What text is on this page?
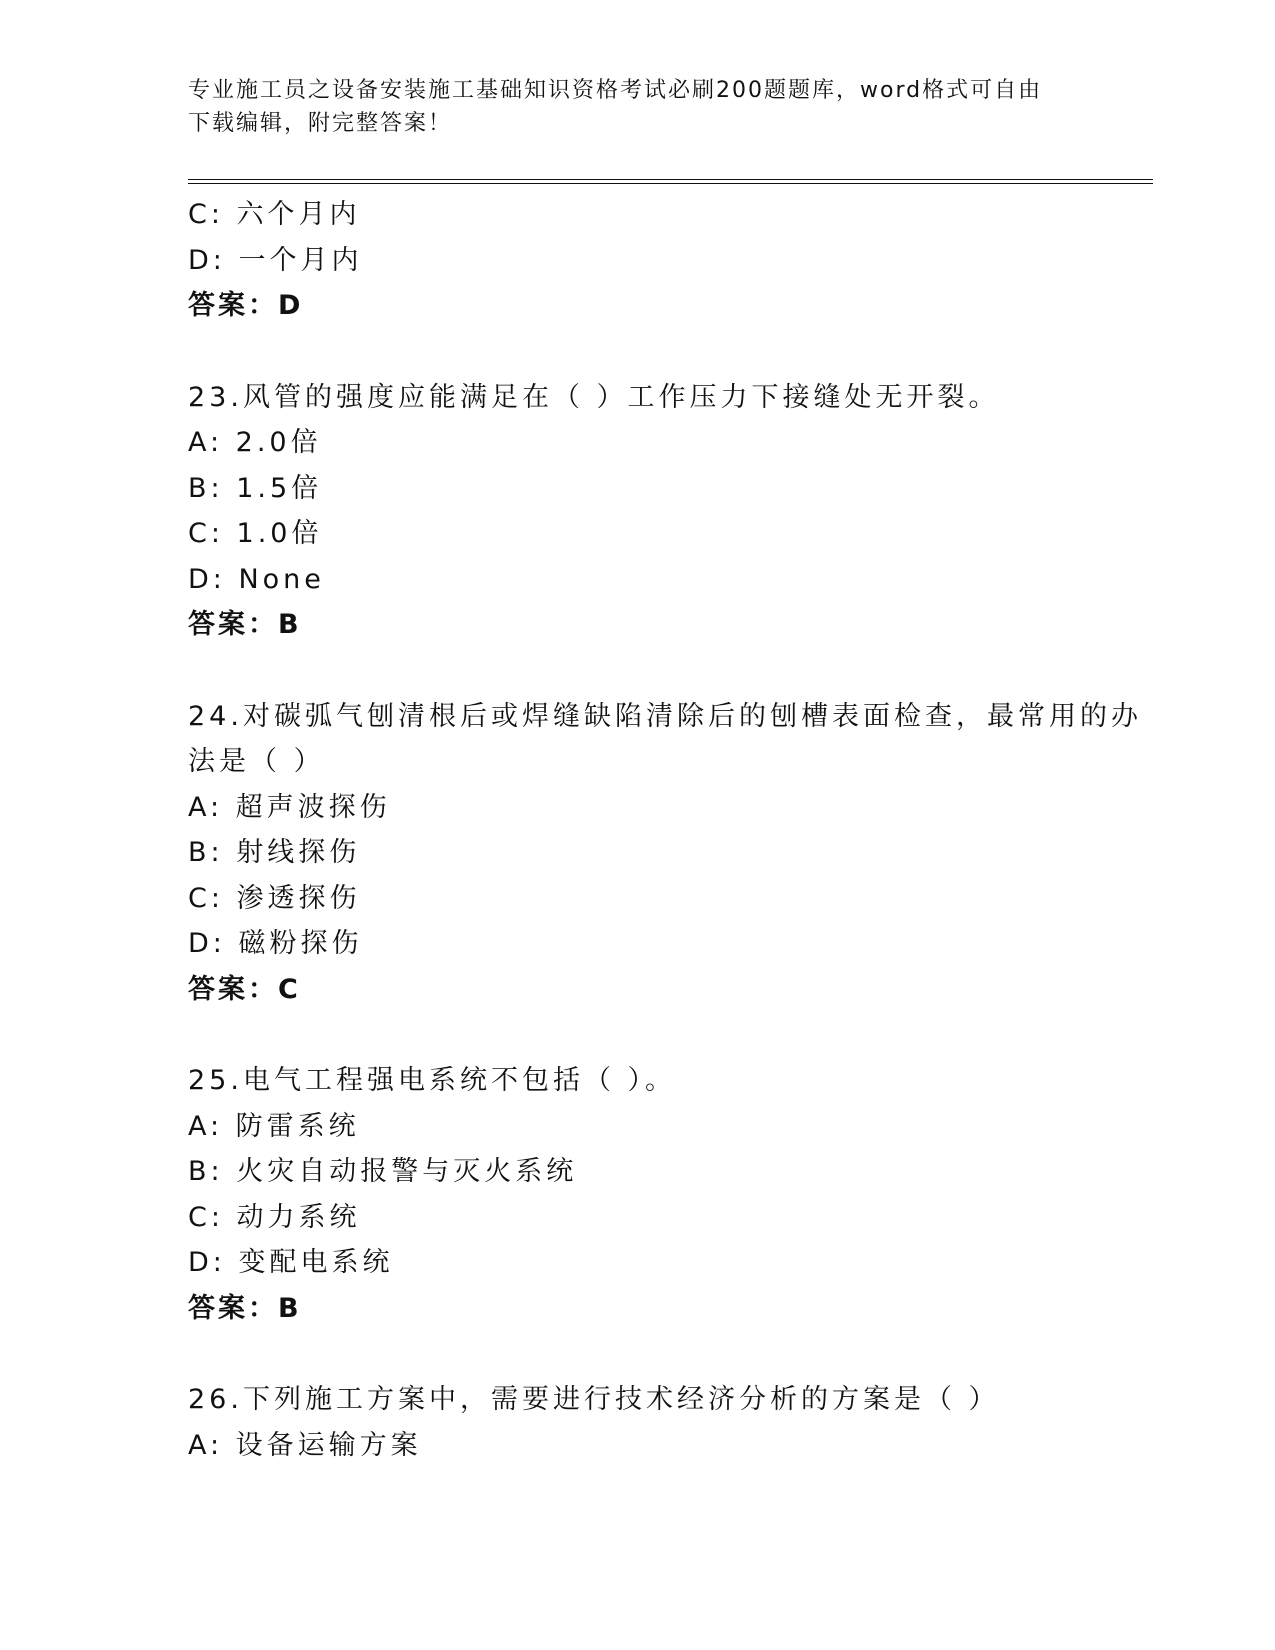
专业施工员之设备安装施工基础知识资格考试必刷200题题库，word格式可自由
下载编辑，附完整答案！
C: 六个月内
D: 一个月内
答案：D
23.风管的强度应能满足在（ ）工作压力下接缝处无开裂。
A: 2.0倍
B: 1.5倍
C: 1.0倍
D: None
答案：B
24.对碳弧气刨清根后或焊缝缺陷清除后的刨槽表面检查，最常用的办
法是（ ）
A: 超声波探伤
B: 射线探伤
C: 渗透探伤
D: 磁粉探伤
答案：C
25.电气工程强电系统不包括（ ）。
A: 防雷系统
B: 火灾自动报警与灭火系统
C: 动力系统
D: 变配电系统
答案：B
26.下列施工方案中，需要进行技术经济分析的方案是（ ）
A: 设备运输方案
